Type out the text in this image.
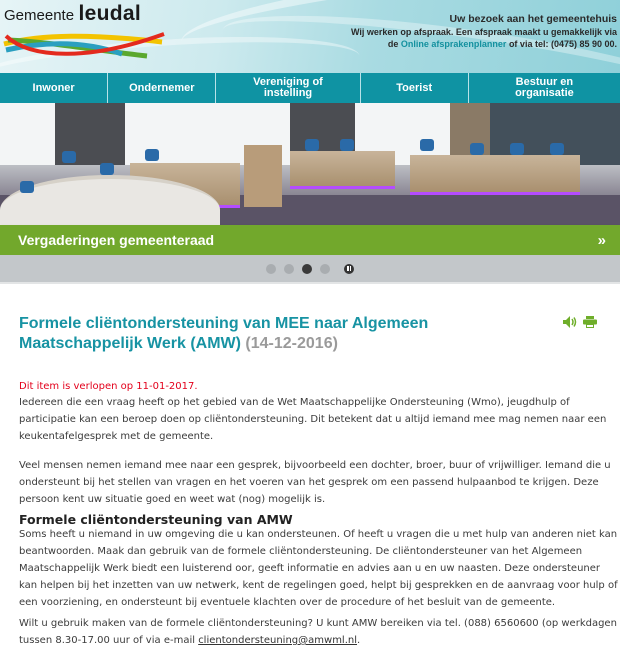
Gemeente leudal	Uw bezoek aan het gemeentehuis
Wij werken op afspraak. Een afspraak maakt u gemakkelijk via
de Online afsprakenplanner of via tel: (0475) 85 90 00.
Inwoner	Ondernemer	Vereniging of instelling	Toerist	Bestuur en organisatie
Vergaderingen gemeenteraad	»
Formele cliëntondersteuning van MEE naar Algemeen Maatschappelijk Werk (AMW) (14-12-2016)
Dit item is verlopen op 11-01-2017.

Iedereen die een vraag heeft op het gebied van de Wet Maatschappelijke Ondersteuning (Wmo), jeugdhulp of participatie kan een beroep doen op cliëntondersteuning. Dit betekent dat u altijd iemand mee mag nemen naar een keukentafelgesprek met de gemeente.

Veel mensen nemen iemand mee naar een gesprek, bijvoorbeeld een dochter, broer, buur of vrijwilliger. Iemand die u ondersteunt bij het stellen van vragen en het voeren van het gesprek om een passend hulpaanbod te krijgen. Deze persoon kent uw situatie goed en weet wat (nog) mogelijk is.

Formele cliëntondersteuning van AMW

Soms heeft u niemand in uw omgeving die u kan ondersteunen. Of heeft u vragen die u met hulp van anderen niet kan beantwoorden. Maak dan gebruik van de formele cliëntondersteuning. De cliëntondersteuner van het Algemeen Maatschappelijk Werk biedt een luisterend oor, geeft informatie en advies aan u en uw naasten. Deze ondersteuner kan helpen bij het inzetten van uw netwerk, kent de regelingen goed, helpt bij gesprekken en de aanvraag voor hulp of een voorziening, en ondersteunt bij eventuele klachten over de procedure of het besluit van de gemeente.

Wilt u gebruik maken van de formele cliëntondersteuning? U kunt AMW bereiken via tel. (088) 6560600 (op werkdagen tussen 8.30-17.00 uur of via e-mail clientondersteuning@amwml.nl.
